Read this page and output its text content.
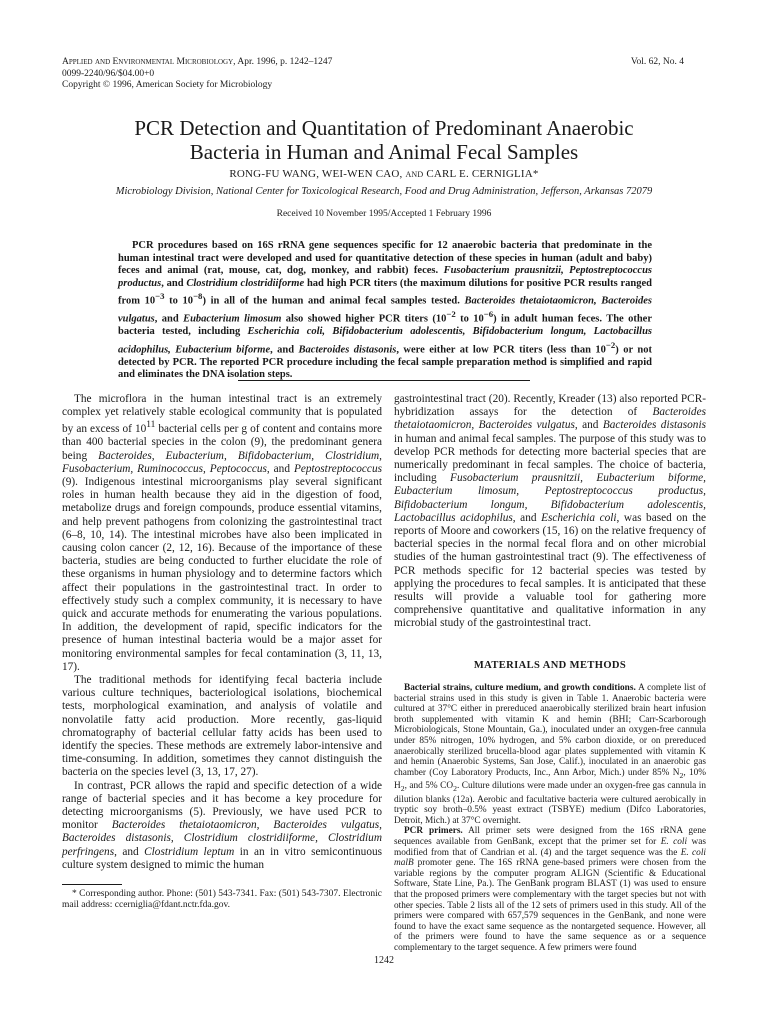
Applied and Environmental Microbiology, Apr. 1996, p. 1242–1247
0099-2240/96/$04.00+0
Copyright © 1996, American Society for Microbiology
Vol. 62, No. 4
PCR Detection and Quantitation of Predominant Anaerobic
Bacteria in Human and Animal Fecal Samples
RONG-FU WANG, WEI-WEN CAO, and CARL E. CERNIGLIA*
Microbiology Division, National Center for Toxicological Research, Food and Drug Administration, Jefferson, Arkansas 72079
Received 10 November 1995/Accepted 1 February 1996

PCR procedures based on 16S rRNA gene sequences specific for 12 anaerobic bacteria that predominate in the human intestinal tract were developed and used for quantitative detection of these species in human (adult and baby) feces and animal (rat, mouse, cat, dog, monkey, and rabbit) feces. Fusobacterium prausnitzii, Peptostreptococcus productus, and Clostridium clostridiiforme had high PCR titers (the maximum dilutions for positive PCR results ranged from $10^{-3}$ to $10^{-8}$) in all of the human and animal fecal samples tested. Bacteroides thetaiotaomicron, Bacteroides vulgatus, and Eubacterium limosum also showed higher PCR titers ($10^{-2}$ to $10^{-6}$) in adult human feces. The other bacteria tested, including Escherichia coli, Bifidobacterium adolescentis, Bifidobacterium longum, Lactobacillus acidophilus, Eubacterium biforme, and Bacteroides distasonis, were either at low PCR titers (less than $10^{-2}$) or not detected by PCR. The reported PCR procedure including the fecal sample preparation method is simplified and rapid and eliminates the DNA isolation steps.

The microflora in the human intestinal tract is an extremely complex yet relatively stable ecological community that is populated by an excess of $10^{11}$ bacterial cells per g of content and contains more than 400 bacterial species in the colon (9), the predominant genera being Bacteroides, Eubacterium, Bifidobacterium, Clostridium, Fusobacterium, Ruminococcus, Peptococcus, and Peptostreptococcus (9). Indigenous intestinal microorganisms play several significant roles in human health because they aid in the digestion of food, metabolize drugs and foreign compounds, produce essential vitamins, and help prevent pathogens from colonizing the gastrointestinal tract (6–8, 10, 14). The intestinal microbes have also been implicated in causing colon cancer (2, 12, 16). Because of the importance of these bacteria, studies are being conducted to further elucidate the role of these organisms in human physiology and to determine factors which affect their populations in the gastrointestinal tract. In order to effectively study such a complex community, it is necessary to have quick and accurate methods for enumerating the various populations. In addition, the development of rapid, specific indicators for the presence of human intestinal bacteria would be a major asset for monitoring environmental samples for fecal contamination (3, 11, 13, 17).

The traditional methods for identifying fecal bacteria include various culture techniques, bacteriological isolations, biochemical tests, morphological examination, and analysis of volatile and nonvolatile fatty acid production. More recently, gas-liquid chromatography of bacterial cellular fatty acids has been used to identify the species. These methods are extremely labor-intensive and time-consuming. In addition, sometimes they cannot distinguish the bacteria on the species level (3, 13, 17, 27).

In contrast, PCR allows the rapid and specific detection of a wide range of bacterial species and it has become a key procedure for detecting microorganisms (5). Previously, we have used PCR to monitor Bacteroides thetaiotaomicron, Bacteroides vulgatus, Bacteroides distasonis, Clostridium clostridiiforme, Clostridium perfringens, and Clostridium leptum in an in vitro semicontinuous culture system designed to mimic the human

* Corresponding author. Phone: (501) 543-7341. Fax: (501) 543-7307. Electronic mail address: ccerniglia@fdant.nctr.fda.gov.

gastrointestinal tract (20). Recently, Kreader (13) also reported PCR-hybridization assays for the detection of Bacteroides thetaiotaomicron, Bacteroides vulgatus, and Bacteroides distasonis in human and animal fecal samples. The purpose of this study was to develop PCR methods for detecting more bacterial species that are numerically predominant in fecal samples. The choice of bacteria, including Fusobacterium prausnitzii, Eubacterium biforme, Eubacterium limosum, Peptostreptococcus productus, Bifidobacterium longum, Bifidobacterium adolescentis, Lactobacillus acidophilus, and Escherichia coli, was based on the reports of Moore and coworkers (15, 16) on the relative frequency of bacterial species in the normal fecal flora and on other microbial studies of the human gastrointestinal tract (9). The effectiveness of PCR methods specific for 12 bacterial species was tested by applying the procedures to fecal samples. It is anticipated that these results will provide a valuable tool for gathering more comprehensive quantitative and qualitative information in any microbial study of the gastrointestinal tract.

MATERIALS AND METHODS

Bacterial strains, culture medium, and growth conditions. A complete list of bacterial strains used in this study is given in Table 1. Anaerobic bacteria were cultured at 37°C either in prereduced anaerobically sterilized brain heart infusion broth supplemented with vitamin K and hemin (BHI; Carr-Scarborough Microbiologicals, Stone Mountain, Ga.), inoculated under an oxygen-free cannula under 85% nitrogen, 10% hydrogen, and 5% carbon dioxide, or on prereduced anaerobically sterilized brucella-blood agar plates supplemented with vitamin K and hemin (Anaerobic Systems, San Jose, Calif.), inoculated in an anaerobic gas chamber (Coy Laboratory Products, Inc., Ann Arbor, Mich.) under 85% $N_2$, 10% $H_2$, and 5% $CO_2$. Culture dilutions were made under an oxygen-free gas cannula in dilution blanks (12a). Aerobic and facultative bacteria were cultured aerobically in tryptic soy broth–0.5% yeast extract (TSBYE) medium (Difco Laboratories, Detroit, Mich.) at 37°C overnight.

PCR primers. All primer sets were designed from the 16S rRNA gene sequences available from GenBank, except that the primer set for E. coli was modified from that of Candrian et al. (4) and the target sequence was the E. coli malB promoter gene. The 16S rRNA gene-based primers were chosen from the variable regions by the computer program ALIGN (Scientific & Educational Software, State Line, Pa.). The GenBank program BLAST (1) was used to ensure that the proposed primers were complementary with the target species but not with other species. Table 2 lists all of the 12 sets of primers used in this study. All of the primers were compared with 657,579 sequences in the GenBank, and none were found to have the exact same sequence as the nontargeted sequence. However, all of the primers were found to have the same sequence as or a sequence complementary to the target sequence. A few primers were found

1242
